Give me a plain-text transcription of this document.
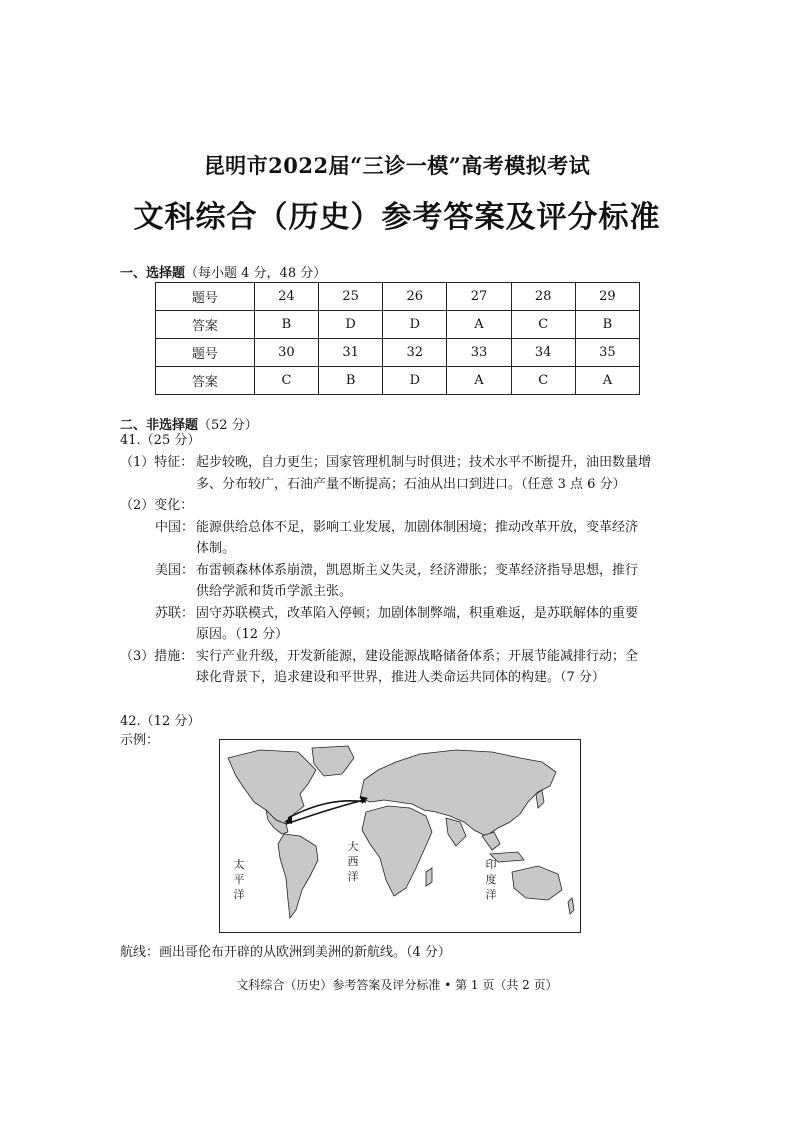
昆明市2022届“三诊一模”高考模拟考试
文科综合（历史）参考答案及评分标准
一、选择题（每小题 4 分，48 分）
题号	24	25	26	27	28	29
答案	B	D	D	A	C	B
题号	30	31	32	33	34	35
答案	C	B	D	A	C	A
二、非选择题（52 分）
41.（25 分）
（1）特征： 起步较晚，自力更生；国家管理机制与时俱进；技术水平不断提升，油田数量增
多、分布较广，石油产量不断提高；石油从出口到进口。（任意 3 点 6 分）
（2）变化：
中国： 能源供给总体不足，影响工业发展，加剧体制困境；推动改革开放，变革经济
体制。
美国： 布雷顿森林体系崩溃，凯恩斯主义失灵，经济滞胀；变革经济指导思想，推行
供给学派和货币学派主张。
苏联： 固守苏联模式，改革陷入停顿；加剧体制弊端，积重难返，是苏联解体的重要
原因。（12 分）
（3）措施： 实行产业升级，开发新能源，建设能源战略储备体系；开展节能减排行动；全
球化背景下，追求建设和平世界，推进人类命运共同体的构建。（7 分）
42.（12 分）
示例：
太平洋
大西洋
印度洋
航线：画出哥伦布开辟的从欧洲到美洲的新航线。（4 分）
文科综合（历史）参考答案及评分标准 • 第 1 页（共 2 页）
